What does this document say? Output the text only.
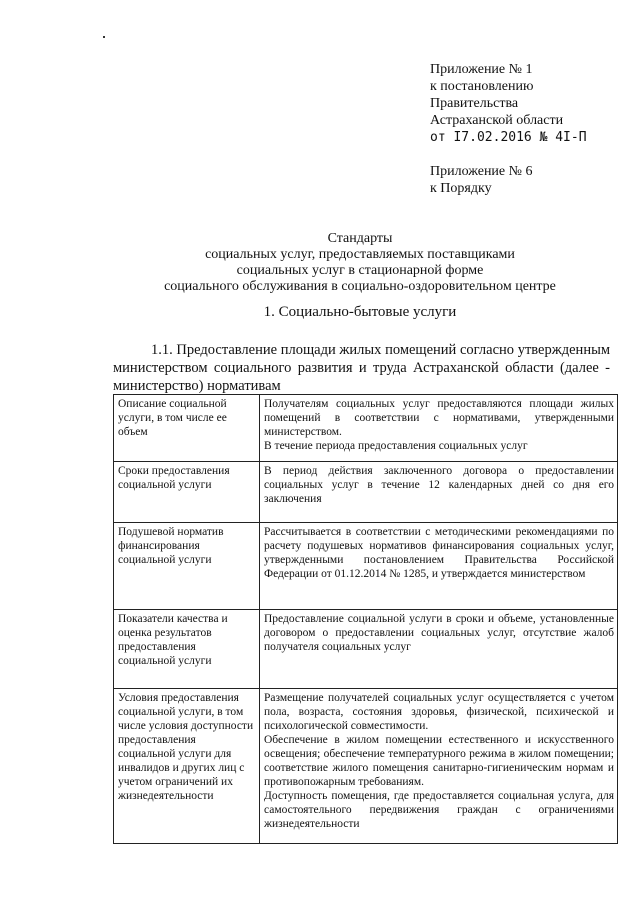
Приложение № 1
к постановлению
Правительства
Астраханской области
от I7.02.2016 № 4I-П
Приложение № 6
к Порядку
Стандарты
социальных услуг, предоставляемых поставщиками
социальных услуг в стационарной форме
социального обслуживания в социально-оздоровительном центре
1. Социально-бытовые услуги
1.1. Предоставление площади жилых помещений согласно утвержденным министерством социального развития и труда Астраханской области (далее - министерство) нормативам
Описание социальной услуги, в том числе ее объем	Получателям социальных услуг предоставляются площади жилых помещений в соответствии с нормативами, утвержденными министерством.
В течение периода предоставления социальных услуг

Сроки предоставления социальной услуги	В период действия заключенного договора о предоставлении социальных услуг в течение 12 календарных дней со дня его заключения

Подушевой норматив финансирования социальной услуги	Рассчитывается в соответствии с методическими рекомендациями по расчету подушевых нормативов финансирования социальных услуг, утвержденными постановлением Правительства Российской Федерации от 01.12.2014 № 1285, и утверждается министерством

Показатели качества и оценка результатов предоставления социальной услуги	Предоставление социальной услуги в сроки и объеме, установленные договором о предоставлении социальных услуг, отсутствие жалоб получателя социальных услуг

Условия предоставления социальной услуги, в том числе условия доступности предоставления социальной услуги для инвалидов и других лиц с учетом ограничений их жизнедеятельности	Размещение получателей социальных услуг осуществляется с учетом пола, возраста, состояния здоровья, физической, психической и психологической совместимости.
Обеспечение в жилом помещении естественного и искусственного освещения; обеспечение температурного режима в жилом помещении; соответствие жилого помещения санитарно-гигиеническим нормам и противопожарным требованиям.
Доступность помещения, где предоставляется социальная услуга, для самостоятельного передвижения граждан с ограничениями жизнедеятельности
